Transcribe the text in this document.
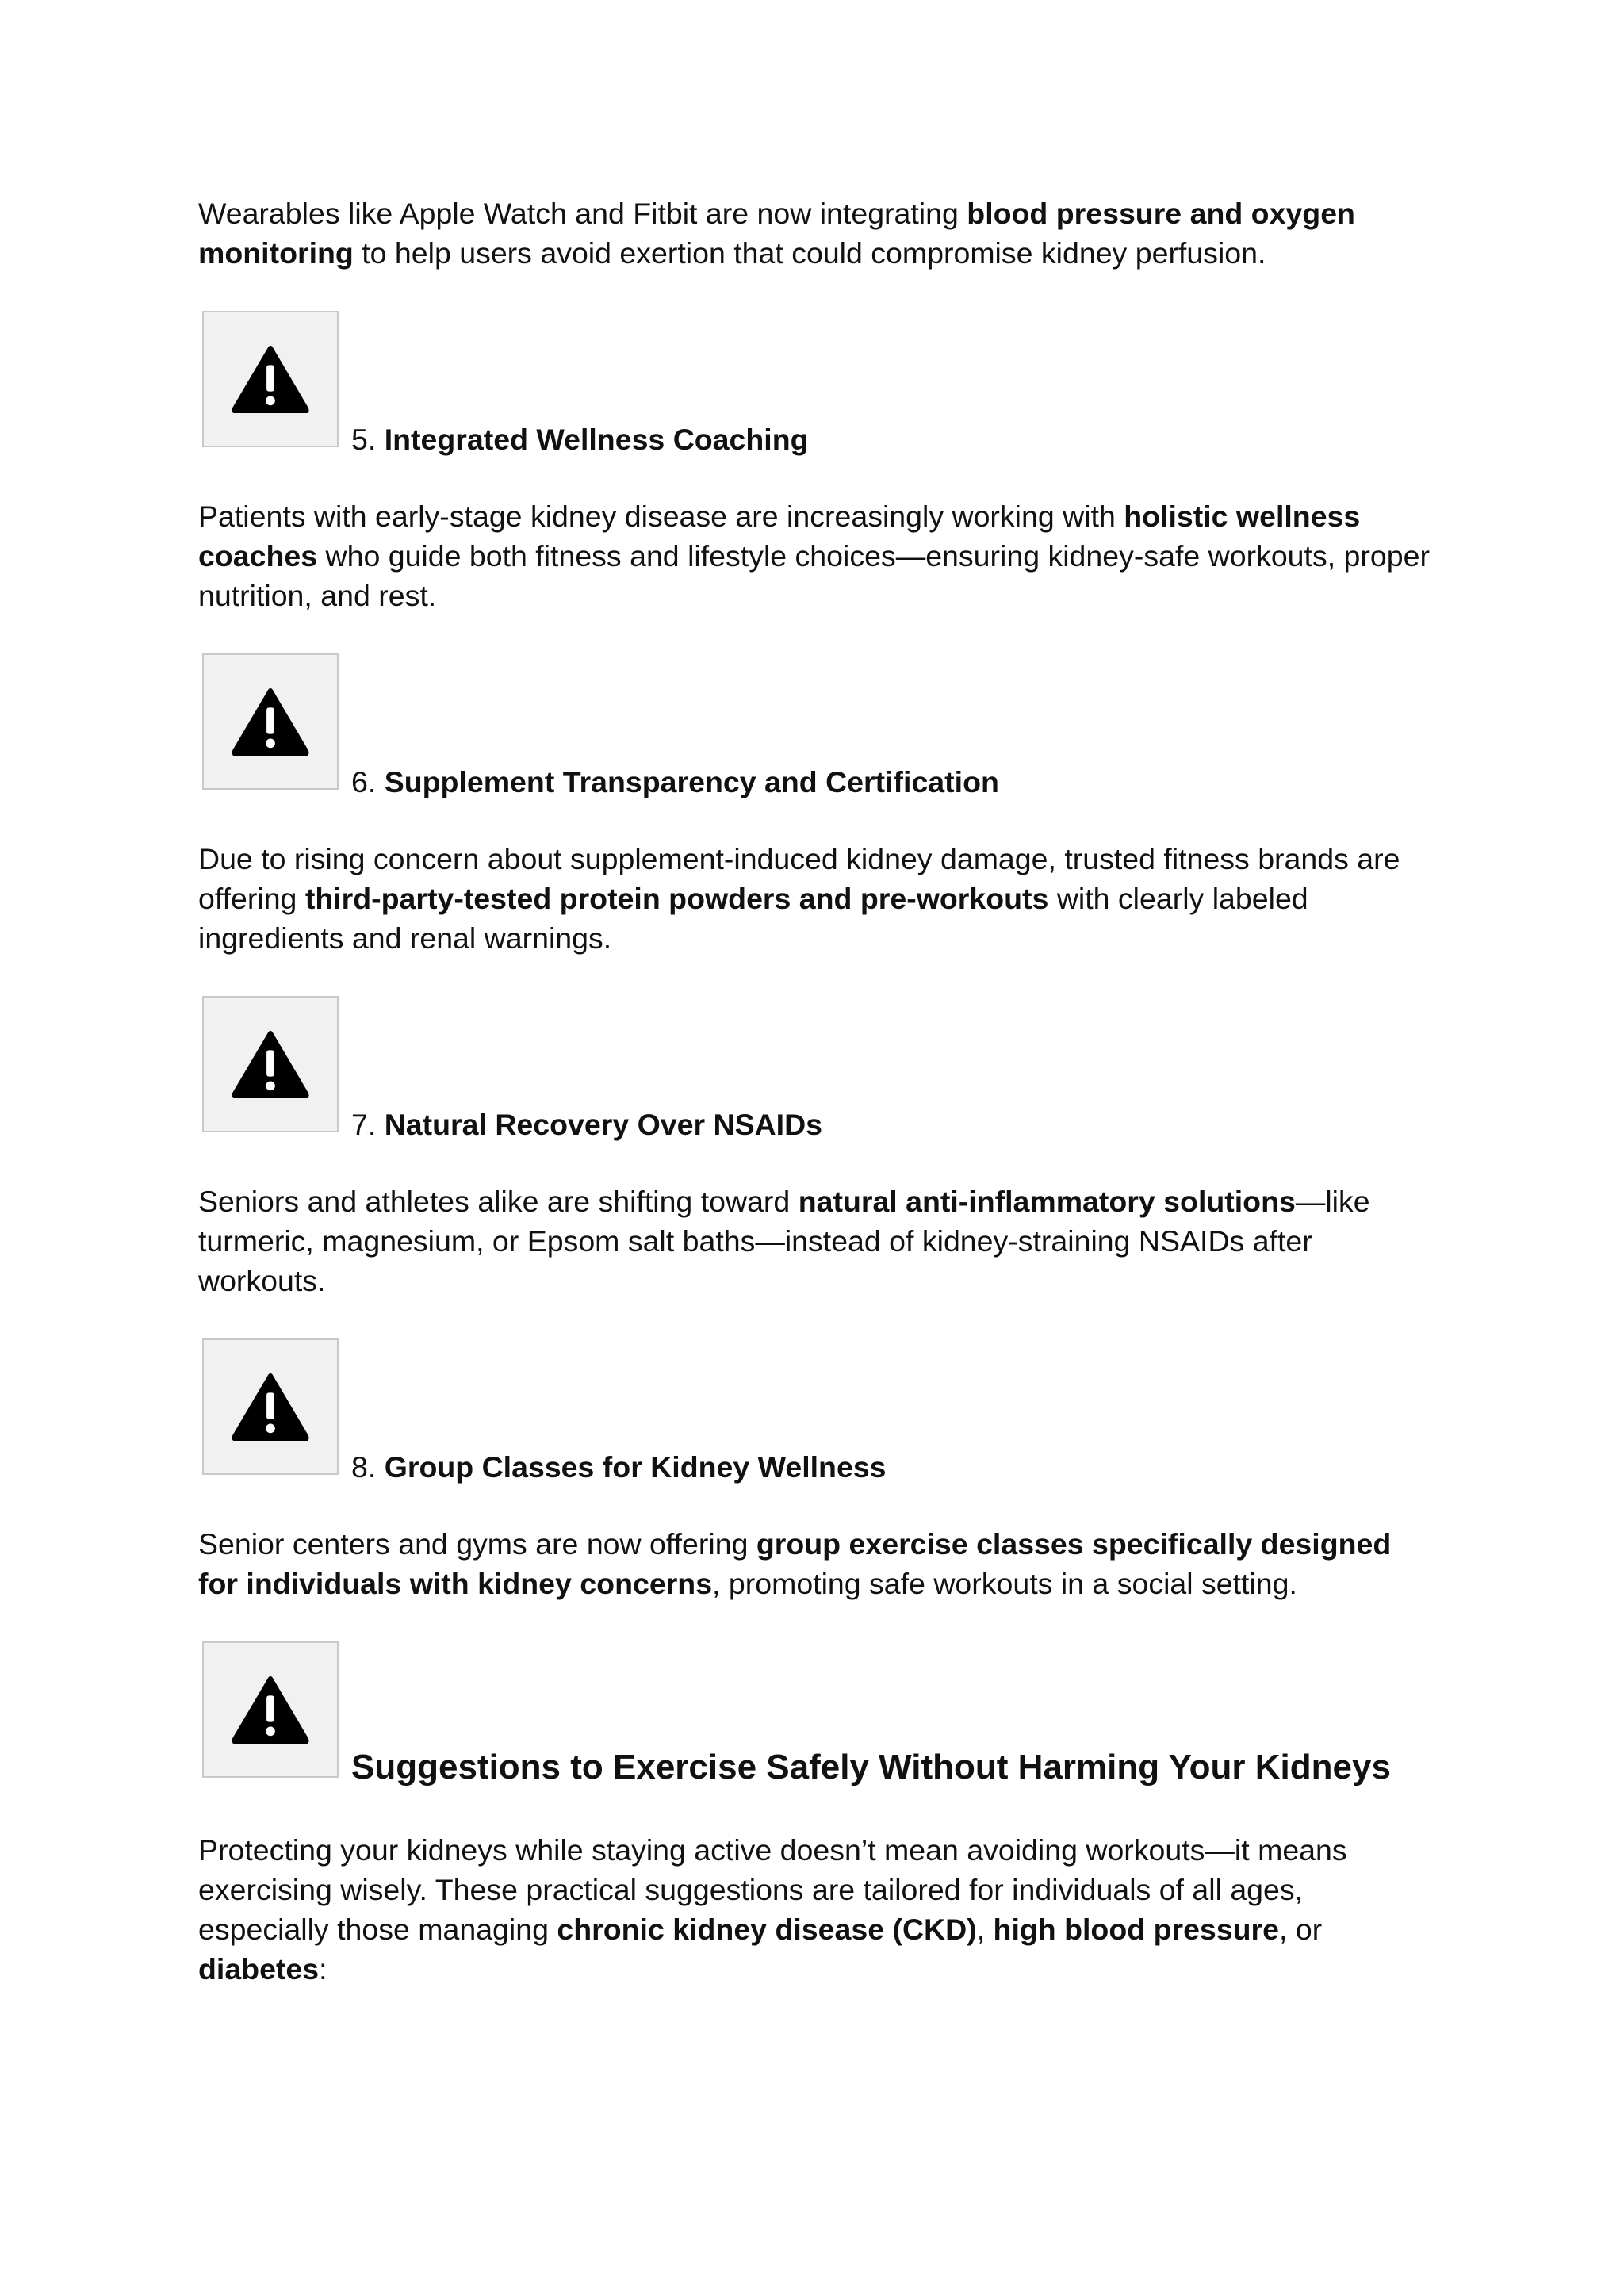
Wearables like Apple Watch and Fitbit are now integrating blood pressure and oxygen monitoring to help users avoid exertion that could compromise kidney perfusion.

5. Integrated Wellness Coaching

Patients with early-stage kidney disease are increasingly working with holistic wellness coaches who guide both fitness and lifestyle choices—ensuring kidney-safe workouts, proper nutrition, and rest.

6. Supplement Transparency and Certification

Due to rising concern about supplement-induced kidney damage, trusted fitness brands are offering third-party-tested protein powders and pre-workouts with clearly labeled ingredients and renal warnings.

7. Natural Recovery Over NSAIDs

Seniors and athletes alike are shifting toward natural anti-inflammatory solutions—like turmeric, magnesium, or Epsom salt baths—instead of kidney-straining NSAIDs after workouts.

8. Group Classes for Kidney Wellness

Senior centers and gyms are now offering group exercise classes specifically designed for individuals with kidney concerns, promoting safe workouts in a social setting.

Suggestions to Exercise Safely Without Harming Your Kidneys

Protecting your kidneys while staying active doesn’t mean avoiding workouts—it means exercising wisely. These practical suggestions are tailored for individuals of all ages, especially those managing chronic kidney disease (CKD), high blood pressure, or diabetes:
